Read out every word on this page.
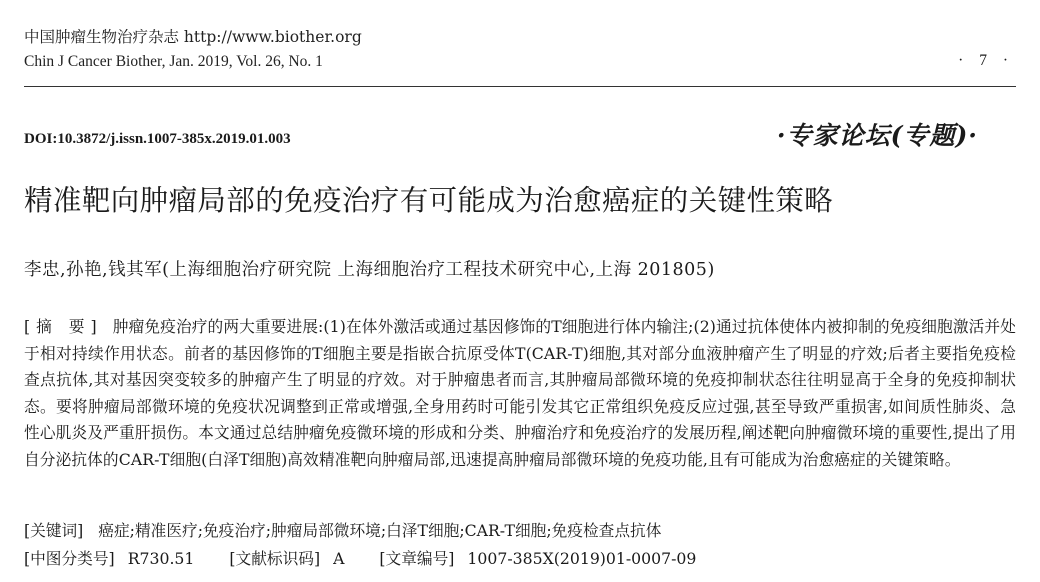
中国肿瘤生物治疗杂志 http://www.biother.org
Chin J Cancer Biother, Jan. 2019, Vol. 26, No. 1	· 7 ·
DOI:10.3872/j.issn.1007-385x.2019.01.003	·专家论坛(专题)·
精准靶向肿瘤局部的免疫治疗有可能成为治愈癌症的关键性策略
李忠,孙艳,钱其军(上海细胞治疗研究院 上海细胞治疗工程技术研究中心,上海 201805)
[摘 要] 肿瘤免疫治疗的两大重要进展:(1)在体外激活或通过基因修饰的T细胞进行体内输注;(2)通过抗体使体内被抑制的免疫细胞激活并处于相对持续作用状态。前者的基因修饰的T细胞主要是指嵌合抗原受体T(CAR-T)细胞,其对部分血液肿瘤产生了明显的疗效;后者主要指免疫检查点抗体,其对基因突变较多的肿瘤产生了明显的疗效。对于肿瘤患者而言,其肿瘤局部微环境的免疫抑制状态往往明显高于全身的免疫抑制状态。要将肿瘤局部微环境的免疫状况调整到正常或增强,全身用药时可能引发其它正常组织免疫反应过强,甚至导致严重损害,如间质性肺炎、急性心肌炎及严重肝损伤。本文通过总结肿瘤免疫微环境的形成和分类、肿瘤治疗和免疫治疗的发展历程,阐述靶向肿瘤微环境的重要性,提出了用自分泌抗体的CAR-T细胞(白泽T细胞)高效精准靶向肿瘤局部,迅速提高肿瘤局部微环境的免疫功能,且有可能成为治愈癌症的关键策略。
[关键词] 癌症;精准医疗;免疫治疗;肿瘤局部微环境;白泽T细胞;CAR-T细胞;免疫检查点抗体
[中图分类号] R730.51 [文献标识码] A [文章编号] 1007-385X(2019)01-0007-09
